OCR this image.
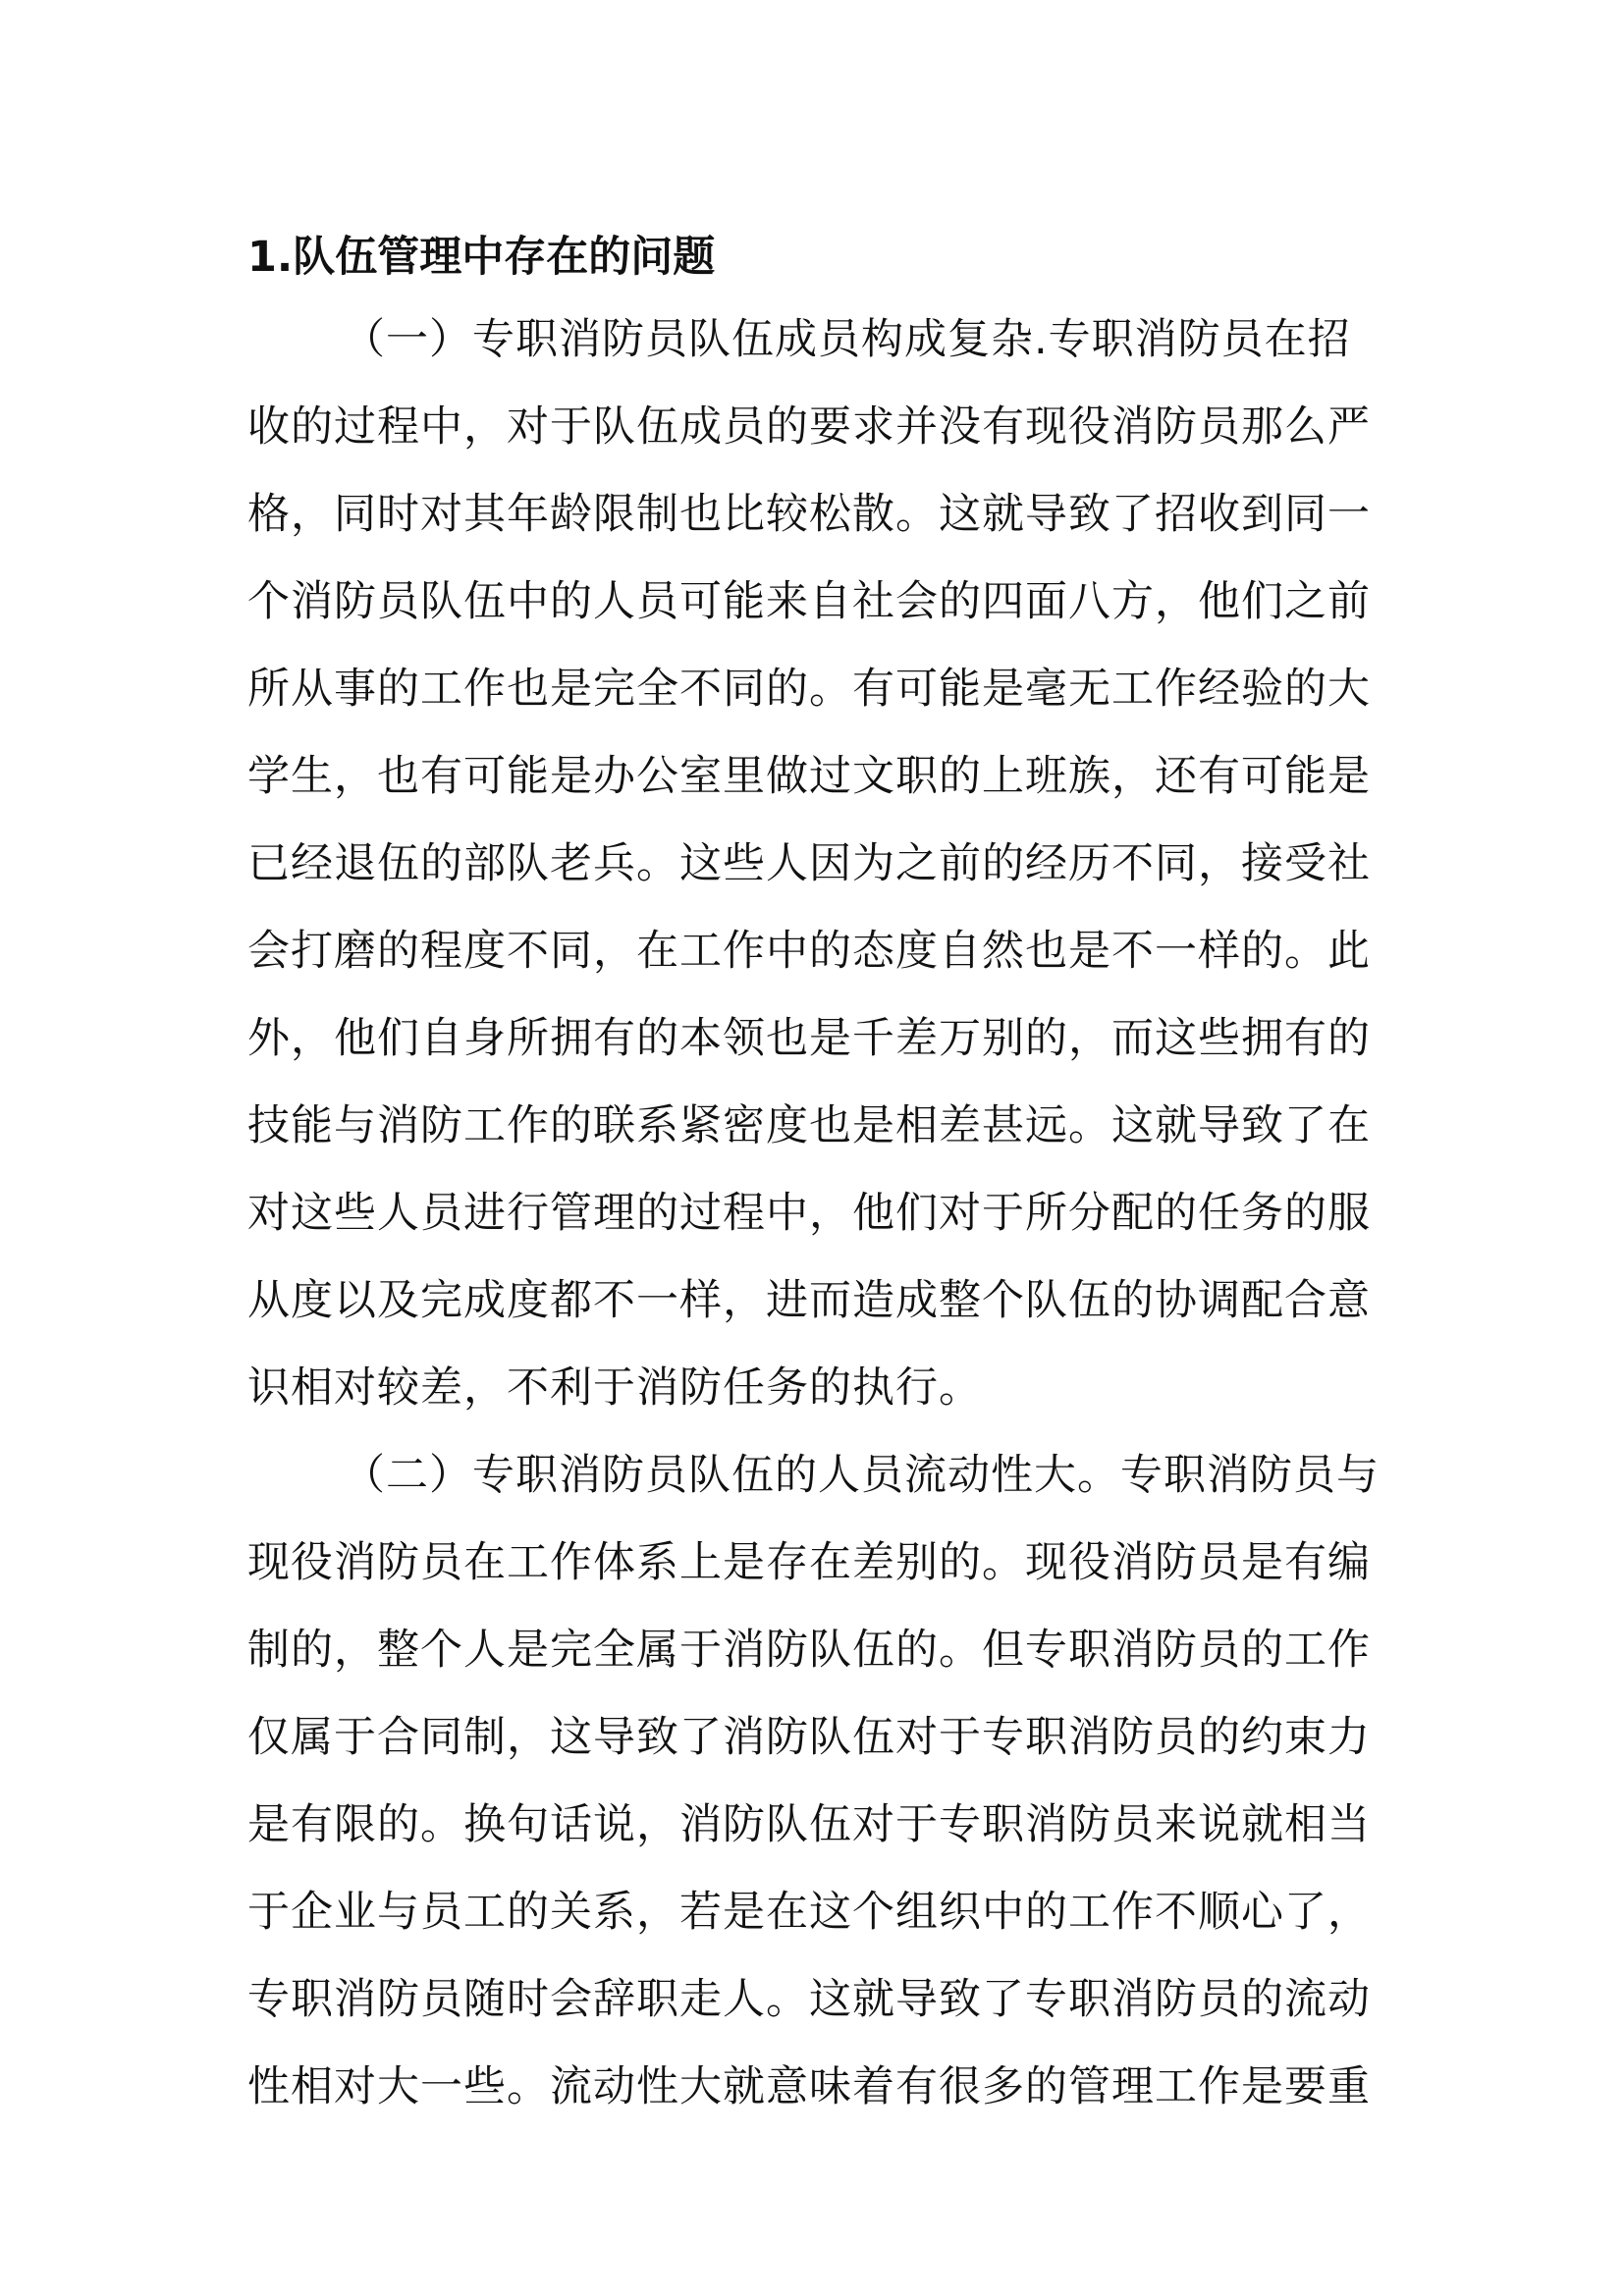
1.队伍管理中存在的问题
（一）专职消防员队伍成员构成复杂.专职消防员在招
收的过程中，对于队伍成员的要求并没有现役消防员那么严
格，同时对其年龄限制也比较松散。这就导致了招收到同一
个消防员队伍中的人员可能来自社会的四面八方，他们之前
所从事的工作也是完全不同的。有可能是毫无工作经验的大
学生，也有可能是办公室里做过文职的上班族，还有可能是
已经退伍的部队老兵。这些人因为之前的经历不同，接受社
会打磨的程度不同，在工作中的态度自然也是不一样的。此
外，他们自身所拥有的本领也是千差万别的，而这些拥有的
技能与消防工作的联系紧密度也是相差甚远。这就导致了在
对这些人员进行管理的过程中，他们对于所分配的任务的服
从度以及完成度都不一样，进而造成整个队伍的协调配合意
识相对较差，不利于消防任务的执行。
（二）专职消防员队伍的人员流动性大。专职消防员与
现役消防员在工作体系上是存在差别的。现役消防员是有编
制的，整个人是完全属于消防队伍的。但专职消防员的工作
仅属于合同制，这导致了消防队伍对于专职消防员的约束力
是有限的。换句话说，消防队伍对于专职消防员来说就相当
于企业与员工的关系，若是在这个组织中的工作不顺心了，
专职消防员随时会辞职走人。这就导致了专职消防员的流动
性相对大一些。流动性大就意味着有很多的管理工作是要重
